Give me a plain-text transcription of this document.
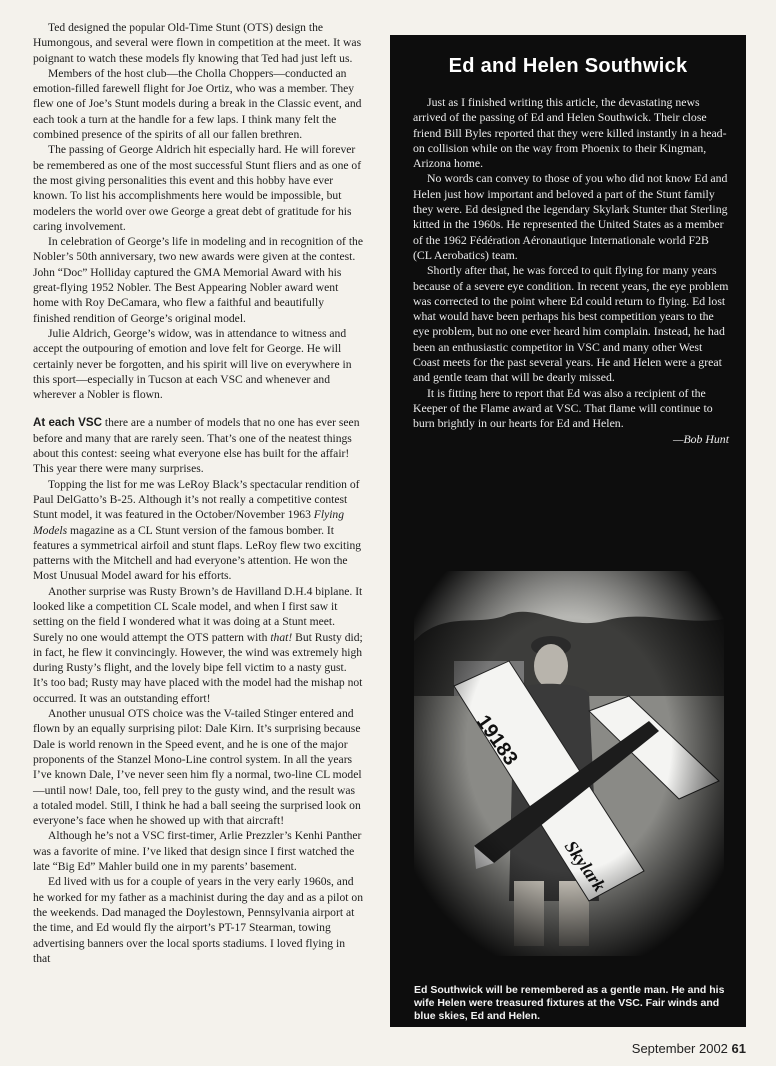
Ted designed the popular Old-Time Stunt (OTS) design the Humongous, and several were flown in competition at the meet. It was poignant to watch these models fly knowing that Ted had just left us.

Members of the host club—the Cholla Choppers—conducted an emotion-filled farewell flight for Joe Ortiz, who was a member. They flew one of Joe’s Stunt models during a break in the Classic event, and each took a turn at the handle for a few laps. I think many felt the combined presence of the spirits of all our fallen brethren.

The passing of George Aldrich hit especially hard. He will forever be remembered as one of the most successful Stunt fliers and as one of the most giving personalities this event and this hobby have ever known. To list his accomplishments here would be impossible, but modelers the world over owe George a great debt of gratitude for his caring involvement.

In celebration of George’s life in modeling and in recognition of the Nobler’s 50th anniversary, two new awards were given at the contest. John “Doc” Holliday captured the GMA Memorial Award with his great-flying 1952 Nobler. The Best Appearing Nobler award went home with Roy DeCamara, who flew a faithful and beautifully finished rendition of George’s original model.

Julie Aldrich, George’s widow, was in attendance to witness and accept the outpouring of emotion and love felt for George. He will certainly never be forgotten, and his spirit will live on everywhere in this sport—especially in Tucson at each VSC and whenever and wherever a Nobler is flown.

At each VSC there are a number of models that no one has ever seen before and many that are rarely seen. That’s one of the neatest things about this contest: seeing what everyone else has built for the affair! This year there were many surprises.

Topping the list for me was LeRoy Black’s spectacular rendition of Paul DelGatto’s B-25. Although it’s not really a competitive contest Stunt model, it was featured in the October/November 1963 Flying Models magazine as a CL Stunt version of the famous bomber. It features a symmetrical airfoil and stunt flaps. LeRoy flew two exciting patterns with the Mitchell and had everyone’s attention. He won the Most Unusual Model award for his efforts.

Another surprise was Rusty Brown’s de Havilland D.H.4 biplane. It looked like a competition CL Scale model, and when I first saw it setting on the field I wondered what it was doing at a Stunt meet. Surely no one would attempt the OTS pattern with that! But Rusty did; in fact, he flew it convincingly. However, the wind was extremely high during Rusty’s flight, and the lovely bipe fell victim to a nasty gust. It’s too bad; Rusty may have placed with the model had the mishap not occurred. It was an outstanding effort!

Another unusual OTS choice was the V-tailed Stinger entered and flown by an equally surprising pilot: Dale Kirn. It’s surprising because Dale is world renown in the Speed event, and he is one of the major proponents of the Stanzel Mono-Line control system. In all the years I’ve known Dale, I’ve never seen him fly a normal, two-line CL model—until now! Dale, too, fell prey to the gusty wind, and the result was a totaled model. Still, I think he had a ball seeing the surprised look on everyone’s face when he showed up with that aircraft!

Although he’s not a VSC first-timer, Arlie Prezzler’s Kenhi Panther was a favorite of mine. I’ve liked that design since I first watched the late “Big Ed” Mahler build one in my parents’ basement.

Ed lived with us for a couple of years in the very early 1960s, and he worked for my father as a machinist during the day and as a pilot on the weekends. Dad managed the Doylestown, Pennsylvania airport at the time, and Ed would fly the airport’s PT-17 Stearman, towing advertising banners over the local sports stadiums. I loved flying in that

Ed and Helen Southwick

Just as I finished writing this article, the devastating news arrived of the passing of Ed and Helen Southwick. Their close friend Bill Byles reported that they were killed instantly in a head-on collision while on the way from Phoenix to their Kingman, Arizona home.

No words can convey to those of you who did not know Ed and Helen just how important and beloved a part of the Stunt family they were. Ed designed the legendary Skylark Stunter that Sterling kitted in the 1960s. He represented the United States as a member of the 1962 Fédération Aéronautique Internationale world F2B (CL Aerobatics) team.

Shortly after that, he was forced to quit flying for many years because of a severe eye condition. In recent years, the eye problem was corrected to the point where Ed could return to flying. Ed lost what would have been perhaps his best competition years to the eye problem, but no one ever heard him complain. Instead, he had been an enthusiastic competitor in VSC and many other West Coast meets for the past several years. He and Helen were a great and gentle team that will be dearly missed.

It is fitting here to report that Ed was also a recipient of the Keeper of the Flame award at VSC. That flame will continue to burn brightly in our hearts for Ed and Helen.

—Bob Hunt

Ed Southwick will be remembered as a gentle man. He and his wife Helen were treasured fixtures at the VSC. Fair winds and blue skies, Ed and Helen.

September 2002 61
